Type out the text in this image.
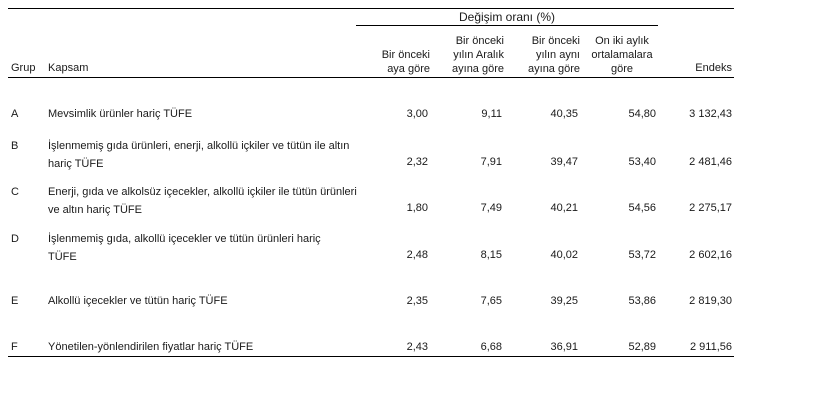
Değişim oranı (%)
Grup Kapsam
Bir önceki
aya göre
Bir önceki
yılın Aralık
ayına göre
Bir önceki
yılın aynı
ayına göre
On iki aylık
ortalamalara
göre	Endeks
A	Mevsimlik ürünler hariç TÜFE	3,00	9,11	40,35	54,80	3 132,43
B	İşlenmemiş gıda ürünleri, enerji, alkollü içkiler ve tütün ile altın hariç TÜFE	2,32	7,91	39,47	53,40	2 481,46
C	Enerji, gıda ve alkolsüz içecekler, alkollü içkiler ile tütün ürünleri ve altın hariç TÜFE	1,80	7,49	40,21	54,56	2 275,17
D	İşlenmemiş gıda, alkollü içecekler ve tütün ürünleri hariç TÜFE	2,48	8,15	40,02	53,72	2 602,16
E	Alkollü içecekler ve tütün hariç TÜFE	2,35	7,65	39,25	53,86	2 819,30
F	Yönetilen-yönlendirilen fiyatlar hariç TÜFE	2,43	6,68	36,91	52,89	2 911,56
